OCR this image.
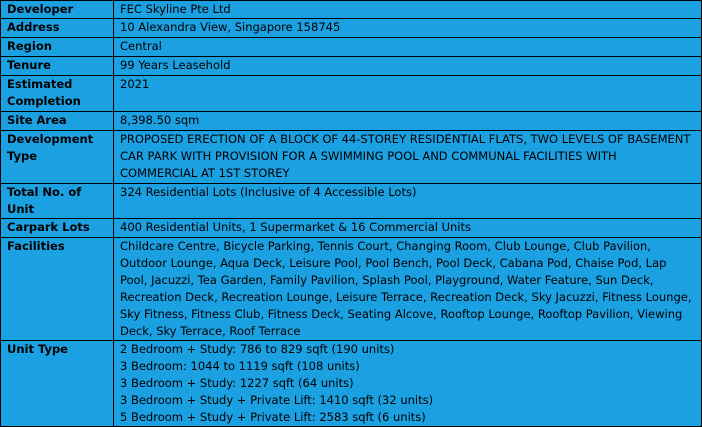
Developer	FEC Skyline Pte Ltd
Address	10 Alexandra View, Singapore 158745
Region	Central
Tenure	99 Years Leasehold
Estimated Completion	2021
Site Area	8,398.50 sqm
Development Type	PROPOSED ERECTION OF A BLOCK OF 44-STOREY RESIDENTIAL FLATS, TWO LEVELS OF BASEMENT CAR PARK WITH PROVISION FOR A SWIMMING POOL AND COMMUNAL FACILITIES WITH COMMERCIAL AT 1ST STOREY
Total No. of Unit	324 Residential Lots (Inclusive of 4 Accessible Lots)
Carpark Lots	400 Residential Units, 1 Supermarket & 16 Commercial Units
Facilities	Childcare Centre, Bicycle Parking, Tennis Court, Changing Room, Club Lounge, Club Pavilion, Outdoor Lounge, Aqua Deck, Leisure Pool, Pool Bench, Pool Deck, Cabana Pod, Chaise Pod, Lap Pool, Jacuzzi, Tea Garden, Family Pavilion, Splash Pool, Playground, Water Feature, Sun Deck, Recreation Deck, Recreation Lounge, Leisure Terrace, Recreation Deck, Sky Jacuzzi, Fitness Lounge, Sky Fitness, Fitness Club, Fitness Deck, Seating Alcove, Rooftop Lounge, Rooftop Pavilion, Viewing Deck, Sky Terrace, Roof Terrace
Unit Type	2 Bedroom + Study: 786 to 829 sqft (190 units)
3 Bedroom: 1044 to 1119 sqft (108 units)
3 Bedroom + Study: 1227 sqft (64 units)
3 Bedroom + Study + Private Lift: 1410 sqft (32 units)
5 Bedroom + Study + Private Lift: 2583 sqft (6 units)
